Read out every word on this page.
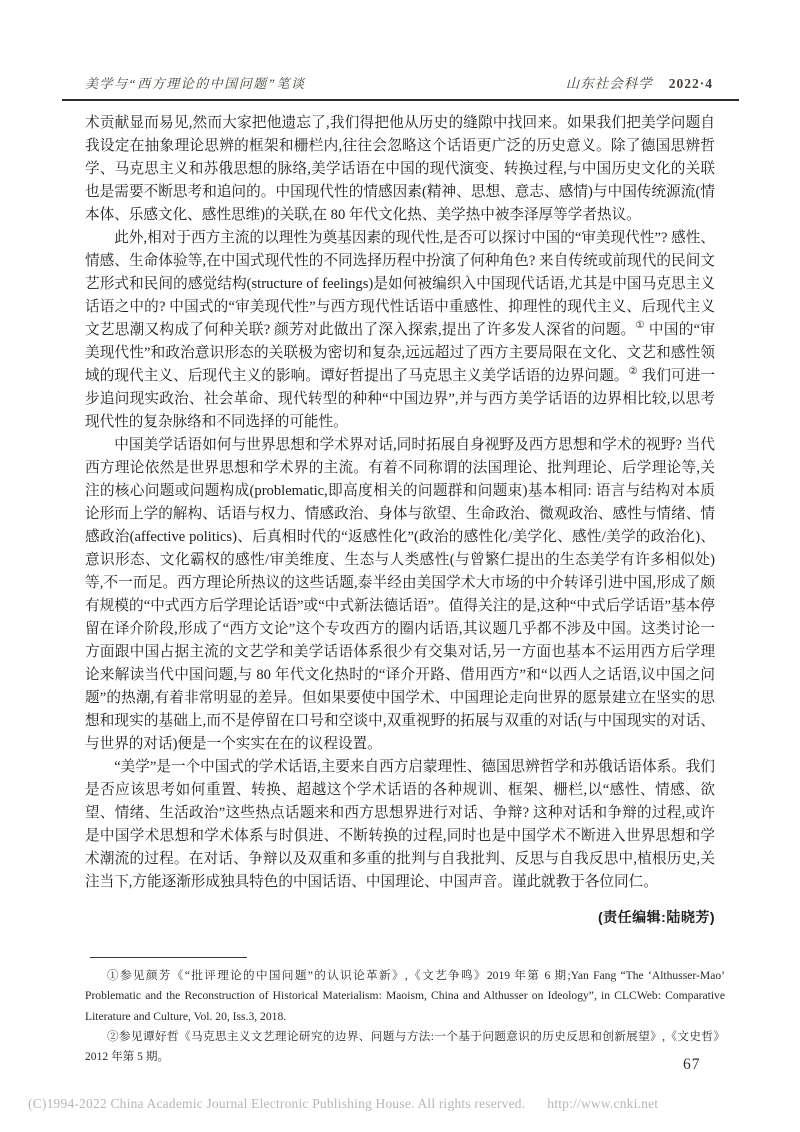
美学与“西方理论的中国问题”笔谈	山东社会科学 2022·4

术贡献显而易见,然而大家把他遗忘了,我们得把他从历史的缝隙中找回来。如果我们把美学问题自我设定在抽象理论思辨的框架和栅栏内,往往会忽略这个话语更广泛的历史意义。除了德国思辨哲学、马克思主义和苏俄思想的脉络,美学话语在中国的现代演变、转换过程,与中国历史文化的关联也是需要不断思考和追问的。中国现代性的情感因素(精神、思想、意志、感情)与中国传统源流(情本体、乐感文化、感性思维)的关联,在 80 年代文化热、美学热中被李泽厚等学者热议。

此外,相对于西方主流的以理性为奠基因素的现代性,是否可以探讨中国的“审美现代性”? 感性、情感、生命体验等,在中国式现代性的不同选择历程中扮演了何种角色? 来自传统或前现代的民间文艺形式和民间的感觉结构(structure of feelings)是如何被编织入中国现代话语,尤其是中国马克思主义话语之中的? 中国式的“审美现代性”与西方现代性话语中重感性、抑理性的现代主义、后现代主义文艺思潮又构成了何种关联? 颜芳对此做出了深入探索,提出了许多发人深省的问题。① 中国的“审美现代性”和政治意识形态的关联极为密切和复杂,远远超过了西方主要局限在文化、文艺和感性领域的现代主义、后现代主义的影响。谭好哲提出了马克思主义美学话语的边界问题。② 我们可进一步追问现实政治、社会革命、现代转型的种种“中国边界”,并与西方美学话语的边界相比较,以思考现代性的复杂脉络和不同选择的可能性。

中国美学话语如何与世界思想和学术界对话,同时拓展自身视野及西方思想和学术的视野? 当代西方理论依然是世界思想和学术界的主流。有着不同称谓的法国理论、批判理论、后学理论等,关注的核心问题或问题构成(problematic,即高度相关的问题群和问题束)基本相同: 语言与结构对本质论形而上学的解构、话语与权力、情感政治、身体与欲望、生命政治、微观政治、感性与情绪、情感政治(affective politics)、后真相时代的“返感性化”(政治的感性化/美学化、感性/美学的政治化)、意识形态、文化霸权的感性/审美维度、生态与人类感性(与曾繁仁提出的生态美学有许多相似处)等,不一而足。西方理论所热议的这些话题,泰半经由美国学术大市场的中介转译引进中国,形成了颇有规模的“中式西方后学理论话语”或“中式新法德话语”。值得关注的是,这种“中式后学话语”基本停留在译介阶段,形成了“西方文论”这个专攻西方的圈内话语,其议题几乎都不涉及中国。这类讨论一方面跟中国占据主流的文艺学和美学话语体系很少有交集对话,另一方面也基本不运用西方后学理论来解读当代中国问题,与 80 年代文化热时的“译介开路、借用西方”和“以西人之话语,议中国之问题”的热潮,有着非常明显的差异。但如果要使中国学术、中国理论走向世界的愿景建立在坚实的思想和现实的基础上,而不是停留在口号和空谈中,双重视野的拓展与双重的对话(与中国现实的对话、与世界的对话)便是一个实实在在的议程设置。

“美学”是一个中国式的学术话语,主要来自西方启蒙理性、德国思辨哲学和苏俄话语体系。我们是否应该思考如何重置、转换、超越这个学术话语的各种规训、框架、栅栏,以“感性、情感、欲望、情绪、生活政治”这些热点话题来和西方思想界进行对话、争辩? 这种对话和争辩的过程,或许是中国学术思想和学术体系与时俱进、不断转换的过程,同时也是中国学术不断进入世界思想和学术潮流的过程。在对话、争辩以及双重和多重的批判与自我批判、反思与自我反思中,植根历史,关注当下,方能逐渐形成独具特色的中国话语、中国理论、中国声音。谨此就教于各位同仁。

(责任编辑:陆晓芳)

①参见颜芳《“批评理论的中国问题”的认识论革新》,《文艺争鸣》2019 年第 6 期;Yan Fang “The ‘Althusser-Mao’ Problematic and the Reconstruction of Historical Materialism: Maoism, China and Althusser on Ideology”, in CLCWeb: Comparative Literature and Culture, Vol. 20, Iss.3, 2018.

②参见谭好哲《马克思主义文艺理论研究的边界、问题与方法:一个基于问题意识的历史反思和创新展望》,《文史哲》2012 年第 5 期。	67
(C)1994-2022 China Academic Journal Electronic Publishing House. All rights reserved. http://www.cnki.net
